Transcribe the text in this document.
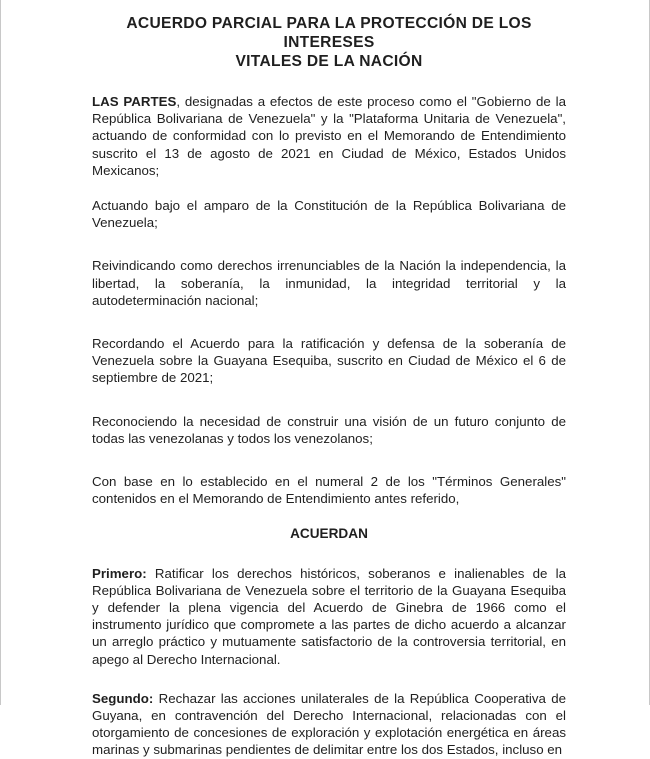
ACUERDO PARCIAL PARA LA PROTECCIÓN DE LOS INTERESES
VITALES DE LA NACIÓN

LAS PARTES, designadas a efectos de este proceso como el "Gobierno de la República Bolivariana de Venezuela" y la "Plataforma Unitaria de Venezuela", actuando de conformidad con lo previsto en el Memorando de Entendimiento suscrito el 13 de agosto de 2021 en Ciudad de México, Estados Unidos Mexicanos;

Actuando bajo el amparo de la Constitución de la República Bolivariana de Venezuela;

Reivindicando como derechos irrenunciables de la Nación la independencia, la libertad, la soberanía, la inmunidad, la integridad territorial y la autodeterminación nacional;

Recordando el Acuerdo para la ratificación y defensa de la soberanía de Venezuela sobre la Guayana Esequiba, suscrito en Ciudad de México el 6 de septiembre de 2021;

Reconociendo la necesidad de construir una visión de un futuro conjunto de todas las venezolanas y todos los venezolanos;

Con base en lo establecido en el numeral 2 de los "Términos Generales" contenidos en el Memorando de Entendimiento antes referido,

ACUERDAN

Primero: Ratificar los derechos históricos, soberanos e inalienables de la República Bolivariana de Venezuela sobre el territorio de la Guayana Esequiba y defender la plena vigencia del Acuerdo de Ginebra de 1966 como el instrumento jurídico que compromete a las partes de dicho acuerdo a alcanzar un arreglo práctico y mutuamente satisfactorio de la controversia territorial, en apego al Derecho Internacional.

Segundo: Rechazar las acciones unilaterales de la República Cooperativa de Guyana, en contravención del Derecho Internacional, relacionadas con el otorgamiento de concesiones de exploración y explotación energética en áreas marinas y submarinas pendientes de delimitar entre los dos Estados, incluso en
